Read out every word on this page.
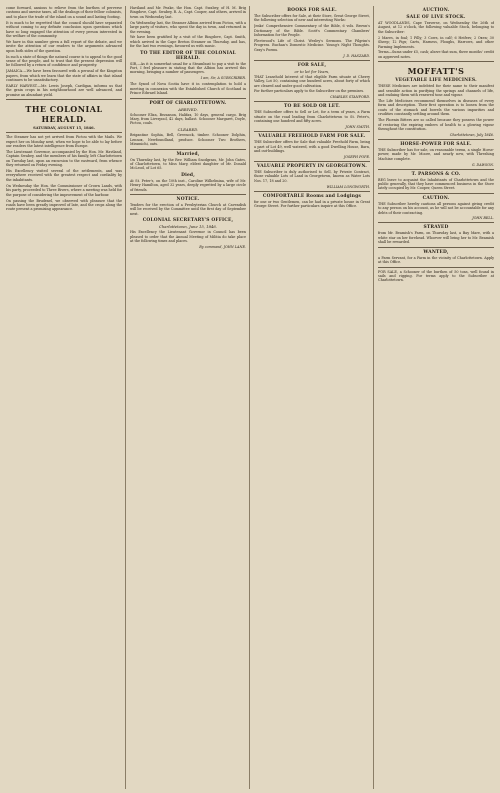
come forward, anxious to relieve from the burthen of perverse customs and unwise taxes, all the dealings of their fellow colonists, and to place the trade of the island on a sound and lasting footing.

It is much to be regretted that the council should have separated without coming to any definite conclusion upon questions which have so long engaged the attention of every person interested in the welfare of the community.

We have in this number given a full report of the debate, and we invite the attention of our readers to the arguments advanced upon both sides of the question.

In such a state of things the natural course is to appeal to the good sense of the people, and to trust that the present depression will be followed by a return of confidence and prosperity.

JAMAICA.—We have been favoured with a perusal of the Kingston papers, from which we learn that the state of affairs in that island continues to be unsatisfactory.

EARLY HARVEST.—Mr. Lewis Joseph, Cardigan, informs us that the grain crops in his neighbourhood are well advanced, and promise an abundant yield.

THE COLONIAL HERALD.
SATURDAY, AUGUST 15, 1846.

The Steamer has not yet arrived from Pictou with the Mails. We expect her on Monday next, when we hope to be able to lay before our readers the latest intelligence from Europe.

The Lieutenant Governor, accompanied by the Hon. Mr. Haviland, Captain Swabey, and the members of his family, left Charlottetown on Tuesday last, upon an excursion to the eastward, from whence they returned on Friday evening.

His Excellency visited several of the settlements, and was everywhere received with the greatest respect and cordiality by the inhabitants.

On Wednesday the Hon. the Commissioner of Crown Lands, with his party, proceeded to Three Rivers, where a meeting was held for the purpose of considering the improvement of the harbour.

On passing the Brudenel, we observed with pleasure that the roads have been greatly improved of late, and the crops along the route present a promising appearance.

Haviland and Mr. Peake, the Hon. Capt. Swabey, of H. M. Brig Ringdove, Capt. Swabey, R. A., Capt. Cooper, and others, arrived in town on Wednesday last.

On Wednesday last, the Steamer Albion arrived from Pictou, with a large party of visitors, who spent the day in town, and returned in the evening.

We have been gratified by a visit of the Ringdove, Capt. Smith, which arrived in the Cape Breton Steamer on Thursday, and has, for the last two evenings, favoured us with music.

TO THE EDITOR OF THE COLONIAL HERALD.

SIR,—As it is somewhat usual for a Steamboat to pay a visit to the Port, I feel pleasure in stating that the Albion has arrived this morning, bringing a number of passengers.

I am, Sir, A SUBSCRIBER.

The Synod of Nova Scotia have it in contemplation to hold a meeting in connexion with the Established Church of Scotland in Prince Edward Island.

PORT OF CHARLOTTETOWN.
ARRIVED.

Schooner Eliza, Bezanson, Halifax, 10 days, general cargo. Brig Mary, from Liverpool, 42 days, ballast. Schooner Margaret, Doyle, Pictou, coals.

CLEARED.

Brigantine Sophia, Bell, Greenock, timber. Schooner Dolphin, Lennox, Newfoundland, produce. Schooner Two Brothers, Miramichi, oats.

Married,

On Thursday last, by the Rev. William Snodgrass, Mr. John Gates, of Charlottetown, to Miss Mary, eldest daughter of Mr. Donald McLeod, of Lot 65.

Died,

At St. Peter's, on the 10th inst., Caroline Wilhelmina, wife of Mr. Henry Hamilton, aged 32 years, deeply regretted by a large circle of friends.

NOTICE.

Tenders for the erection of a Presbyterian Church at Cavendish will be received by the Committee until the first day of September next.

COLONIAL SECRETARY'S OFFICE,
Charlottetown, June 15, 1846.

His Excellency the Lieutenant Governor in Council has been pleased to order that the Annual Meeting of Militia do take place at the following times and places.

By command, JOHN LANE.
BOOKS FOR SALE.

The Subscriber offers for Sale, at their Store, Great George Street, the following selection of new and interesting Works:

Jenks' Comprehensive Commentary of the Bible, 6 vols. Brown's Dictionary of the Bible. Scott's Commentary. Chambers' Information for the People.

Fleetwood's Life of Christ. Wesley's Sermons. The Pilgrim's Progress. Buchan's Domestic Medicine. Young's Night Thoughts. Gray's Poems.

J. D. HASZARD.
FOR SALE,
or to let for Years,

THAT Leasehold Interest of that eligible Farm situate at Cherry Valley, Lot 50, containing one hundred acres, about forty of which are cleared and under good cultivation.

For further particulars apply to the Subscriber on the premises.

CHARLES STANFORD.
TO BE SOLD OR LET.

THE Subscriber offers to Sell or Let, for a term of years, a Farm situate on the road leading from Charlottetown to St. Peter's, containing one hundred and fifty acres.

JOHN SMITH.
VALUABLE FREEHOLD FARM FOR SALE.

THE Subscriber offers for Sale that valuable Freehold Farm, being a part of Lot 49, well watered, with a good Dwelling House, Barn, and out-buildings.

JOSEPH POPE.
VALUABLE PROPERTY IN GEORGETOWN.

THE Subscriber is duly authorised to Sell, by Private Contract, those valuable Lots of Land in Georgetown, known as Water Lots Nos. 17, 18 and 20.

WILLIAM LONGWORTH.
COMFORTABLE Rooms and Lodgings

for one or two Gentlemen, can be had in a private house in Great George Street. For further particulars inquire at this Office.

AUCTION.
SALE OF LIVE STOCK.

AT WOODLANDS, Cape Traverse, on Wednesday the 26th of August, at 12 o'clock, the following valuable Stock, belonging to the Subscriber:

2 Mares, in foal; 1 Filly; 3 Cows, in calf; 6 Heifers; 2 Oxen; 30 Sheep; 12 Pigs; Carts, Harness, Ploughs, Harrows, and other Farming Implements.

Terms—Sums under £5, cash; above that sum, three months' credit on approved notes.

MOFFATT'S
VEGETABLE LIFE MEDICINES.

THESE Medicines are indebted for their name to their manifest and sensible action in purifying the springs and channels of life, and enduing them with renewed tone and vigour.

The Life Medicines recommend themselves in diseases of every form and description. Their first operation is to loosen from the coats of the stomach and bowels the various impurities and crudities constantly settling around them.

The Phœnix Bitters are so called because they possess the power of restoring the expiring embers of health to a glowing vigour throughout the constitution.

Charlottetown, July 1846.
HORSE-POWER FOR SALE.

THE Subscriber has for sale, on reasonable terms, a single Horse-power, made by Mr. Moore, and nearly new, with Threshing Machine complete.

G. DAWSON.
T. PARSONS & CO.

BEG leave to acquaint the Inhabitants of Charlottetown and the public generally, that they have commenced business in the Store lately occupied by Mr. Cooper, Queen Street.

CAUTION.

THE Subscriber hereby cautions all persons against giving credit to any person on his account, as he will not be accountable for any debts of their contracting.

JOHN BELL.
STRAYED

from Mr. Beamish's Farm, on Thursday last, a Bay Mare, with a white star on her forehead. Whoever will bring her to Mr. Beamish shall be rewarded.

WANTED,

a Farm Servant, for a Farm in the vicinity of Charlottetown. Apply at this Office.

FOR SALE, a Schooner of the burthen of 50 tons, well found in sails and rigging. For terms apply to the Subscriber at Charlottetown.
